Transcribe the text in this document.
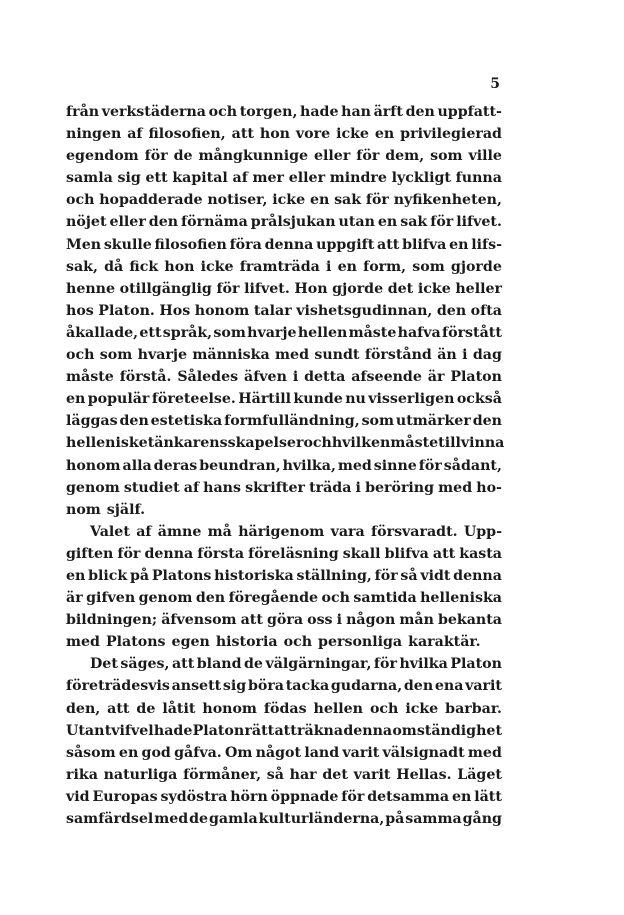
5
från verkstäderna och torgen, hade han ärft den uppfatt-
ningen af filosofien, att hon vore icke en privilegierad
egendom för de mångkunnige eller för dem, som ville
samla sig ett kapital af mer eller mindre lyckligt funna
och hopadderade notiser, icke en sak för nyfikenheten,
nöjet eller den förnäma prålsjukan utan en sak för lifvet.
Men skulle filosofien föra denna uppgift att blifva en lifs-
sak, då fick hon icke framträda i en form, som gjorde
henne otillgänglig för lifvet. Hon gjorde det icke heller
hos Platon. Hos honom talar vishetsgudinnan, den ofta
åkallade, ett språk, som hvarje hellen måste hafva förstått
och som hvarje människa med sundt förstånd än i dag
måste förstå. Således äfven i detta afseende är Platon
en populär företeelse. Härtill kunde nu visserligen också
läggas den estetiska formfulländning, som utmärker den
helleniske tänkarens skapelser och hvilken måste tillvinna
honom alla deras beundran, hvilka, med sinne för sådant,
genom studiet af hans skrifter träda i beröring med ho-
nom själf.
Valet af ämne må härigenom vara försvaradt. Upp-
giften för denna första föreläsning skall blifva att kasta
en blick på Platons historiska ställning, för så vidt denna
är gifven genom den föregående och samtida helleniska
bildningen; äfvensom att göra oss i någon mån bekanta
med Platons egen historia och personliga karaktär.
Det säges, att bland de välgärningar, för hvilka Platon
företrädesvis ansett sig böra tacka gudarna, den ena varit
den, att de låtit honom födas hellen och icke barbar.
Utan tvifvel hade Platon rätt att räkna denna omständighet
såsom en god gåfva. Om något land varit välsignadt med
rika naturliga förmåner, så har det varit Hellas. Läget
vid Europas sydöstra hörn öppnade för detsamma en lätt
samfärdsel med de gamla kulturländerna, på samma gång
